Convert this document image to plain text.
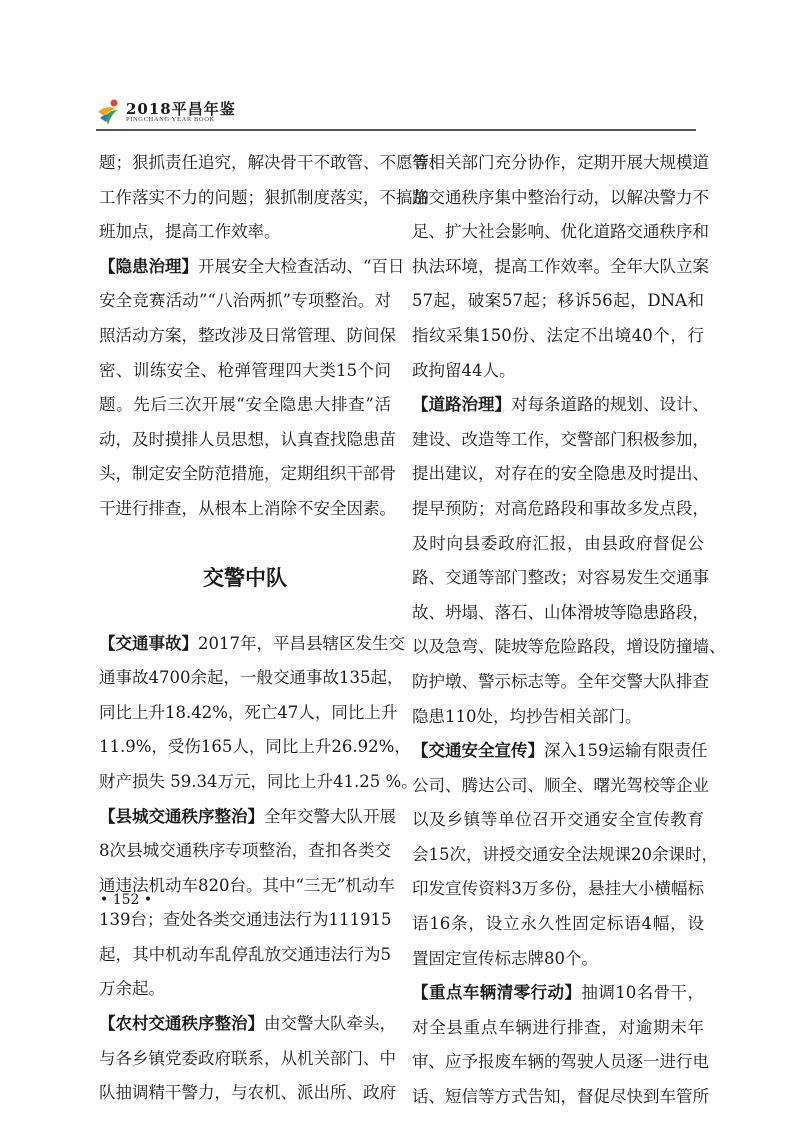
2018平昌年鉴
PINGCHANG YEAR BOOK
题；狠抓责任追究，解决骨干不敢管、不愿管、
工作落实不力的问题；狠抓制度落实，不搞加
班加点，提高工作效率。
【隐患治理】开展安全大检查活动、“百日
安全竞赛活动”“八治两抓”专项整治。对
照活动方案，整改涉及日常管理、防间保
密、训练安全、枪弹管理四大类15个问
题。先后三次开展“安全隐患大排查”活
动，及时摸排人员思想，认真查找隐患苗
头，制定安全防范措施，定期组织干部骨
干进行排查，从根本上消除不安全因素。
交警中队
【交通事故】2017年，平昌县辖区发生交
通事故4700余起，一般交通事故135起，
同比上升18.42%，死亡47人，同比上升
11.9%，受伤165人，同比上升26.92%，
财产损失 59.34万元，同比上升41.25 %。
【县城交通秩序整治】全年交警大队开展
8次县城交通秩序专项整治，查扣各类交
通违法机动车820台。其中“三无”机动车
139台；查处各类交通违法行为111915
起，其中机动车乱停乱放交通违法行为5
万余起。
【农村交通秩序整治】由交警大队牵头，
与各乡镇党委政府联系，从机关部门、中
队抽调精干警力，与农机、派出所、政府
等相关部门充分协作，定期开展大规模道
路交通秩序集中整治行动，以解决警力不
足、扩大社会影响、优化道路交通秩序和
执法环境，提高工作效率。全年大队立案
57起，破案57起；移诉56起，DNA和
指纹采集150份、法定不出境40个，行
政拘留44人。
【道路治理】对每条道路的规划、设计、
建设、改造等工作，交警部门积极参加，
提出建议，对存在的安全隐患及时提出、
提早预防；对高危路段和事故多发点段，
及时向县委政府汇报，由县政府督促公
路、交通等部门整改；对容易发生交通事
故、坍塌、落石、山体滑坡等隐患路段，
以及急弯、陡坡等危险路段，增设防撞墙、
防护墩、警示标志等。全年交警大队排查
隐患110处，均抄告相关部门。
【交通安全宣传】深入159运输有限责任
公司、腾达公司、顺全、曙光驾校等企业
以及乡镇等单位召开交通安全宣传教育
会15次，讲授交通安全法规课20余课时，
印发宣传资料3万多份，悬挂大小横幅标
语16条，设立永久性固定标语4幅，设
置固定宣传标志牌80个。
【重点车辆清零行动】抽调10名骨干，
对全县重点车辆进行排查，对逾期未年
审、应予报废车辆的驾驶人员逐一进行电
话、短信等方式告知，督促尽快到车管所
• 152 •
